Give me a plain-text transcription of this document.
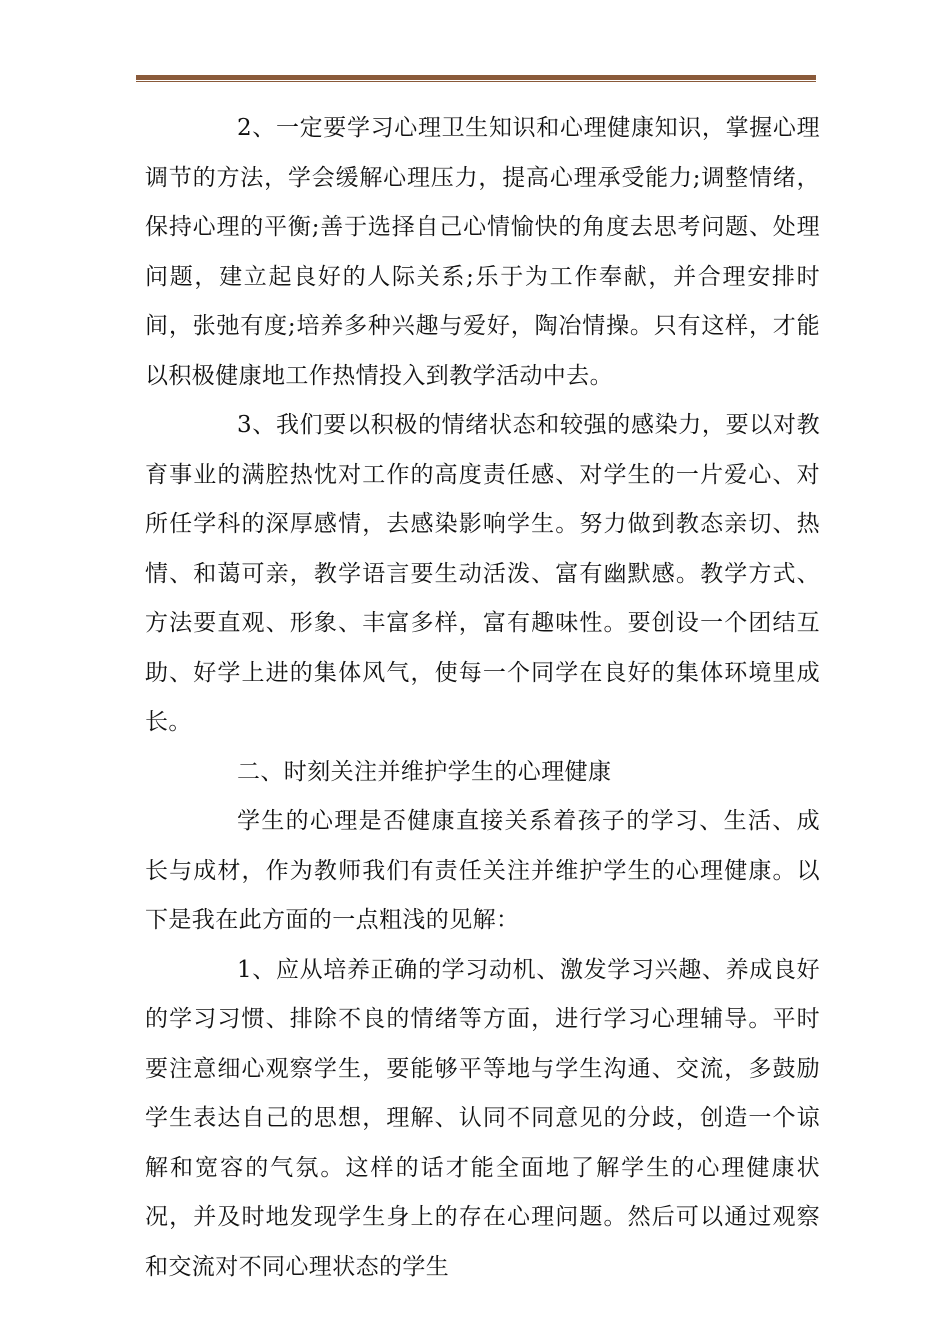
2、一定要学习心理卫生知识和心理健康知识，掌握心理调节的方法，学会缓解心理压力，提高心理承受能力;调整情绪，保持心理的平衡;善于选择自己心情愉快的角度去思考问题、处理问题，建立起良好的人际关系;乐于为工作奉献，并合理安排时间，张弛有度;培养多种兴趣与爱好，陶冶情操。只有这样，才能以积极健康地工作热情投入到教学活动中去。

3、我们要以积极的情绪状态和较强的感染力，要以对教育事业的满腔热忱对工作的高度责任感、对学生的一片爱心、对所任学科的深厚感情，去感染影响学生。努力做到教态亲切、热情、和蔼可亲，教学语言要生动活泼、富有幽默感。教学方式、方法要直观、形象、丰富多样，富有趣味性。要创设一个团结互助、好学上进的集体风气，使每一个同学在良好的集体环境里成长。

二、时刻关注并维护学生的心理健康

学生的心理是否健康直接关系着孩子的学习、生活、成长与成材，作为教师我们有责任关注并维护学生的心理健康。以下是我在此方面的一点粗浅的见解：

1、应从培养正确的学习动机、激发学习兴趣、养成良好的学习习惯、排除不良的情绪等方面，进行学习心理辅导。平时要注意细心观察学生，要能够平等地与学生沟通、交流，多鼓励学生表达自己的思想，理解、认同不同意见的分歧，创造一个谅解和宽容的气氛。这样的话才能全面地了解学生的心理健康状况，并及时地发现学生身上的存在心理问题。然后可以通过观察和交流对不同心理状态的学生
